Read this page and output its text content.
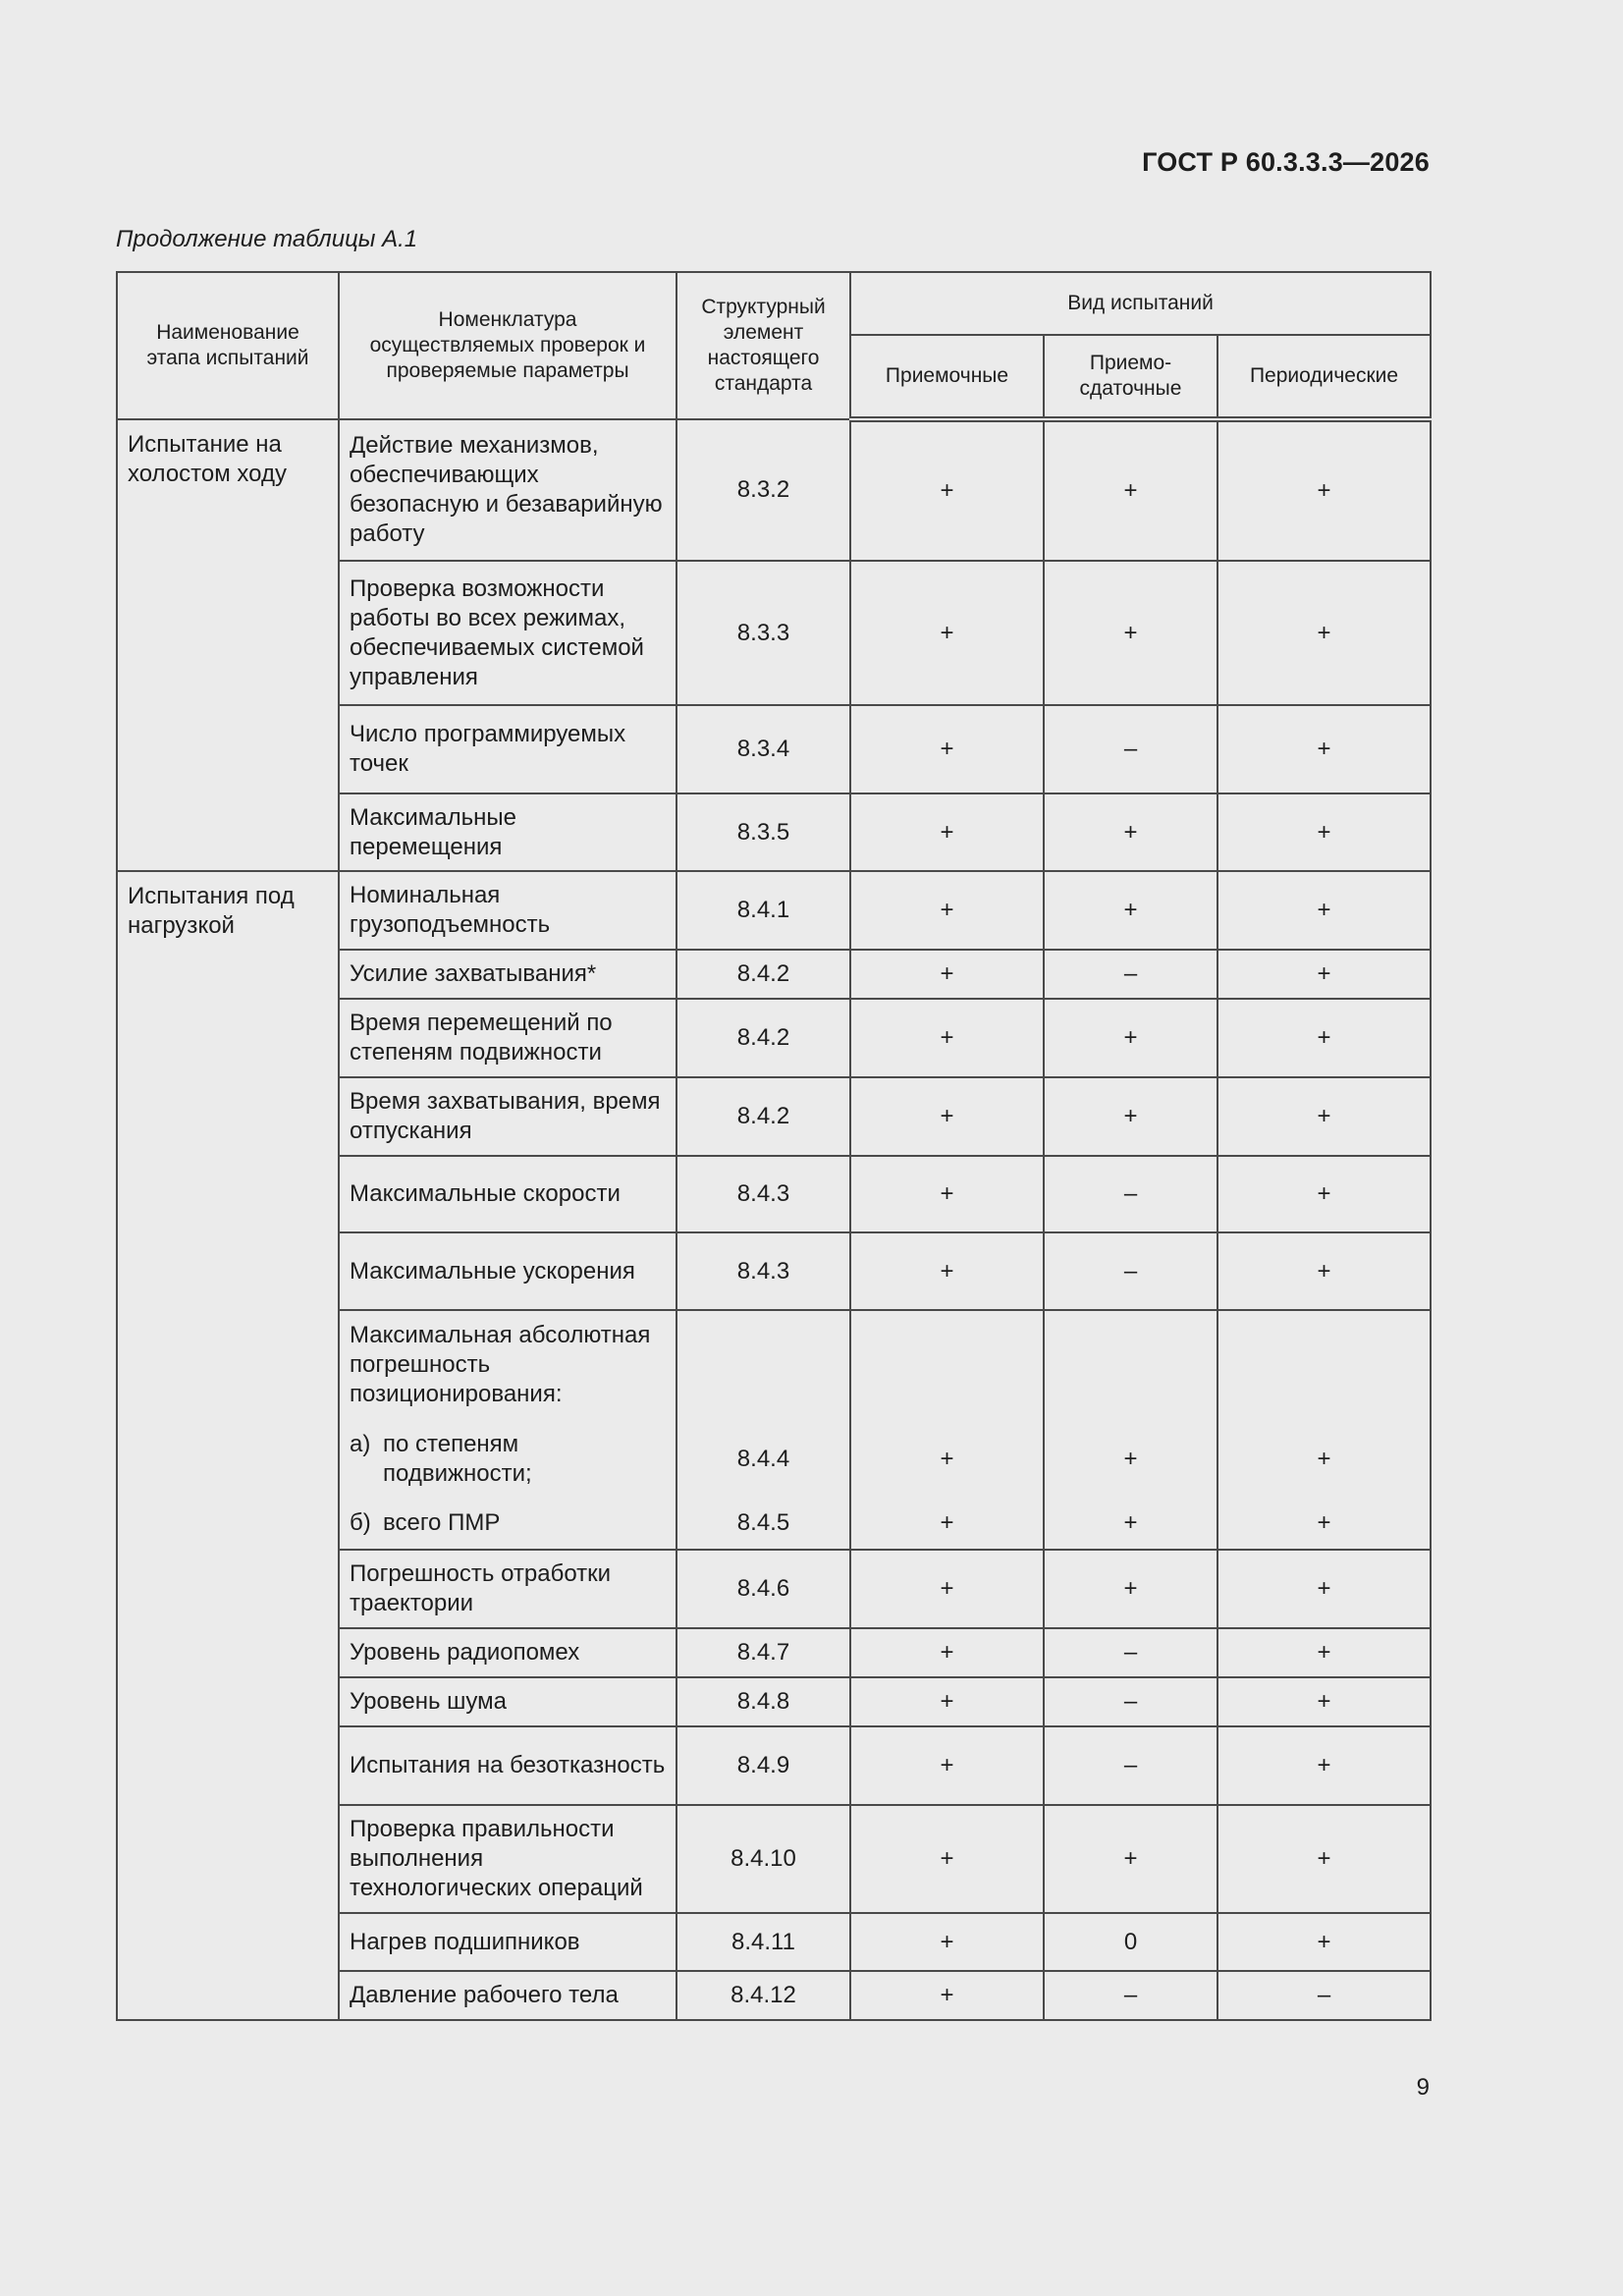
ГОСТ Р 60.3.3.3—2026
Продолжение таблицы А.1
Наименование этапа испытаний	Номенклатура осуществляемых проверок и проверяемые параметры	Структурный элемент настоящего стандарта	Вид испытаний		
			Приемочные	Приемо-сдаточные	Периодические
Испытание на холостом ходу	Действие механизмов, обеспечивающих безопасную и безаварийную работу	8.3.2	+	+	+
	Проверка возможности работы во всех режимах, обеспечиваемых системой управления	8.3.3	+	+	+
	Число программируемых точек	8.3.4	+	–	+
	Максимальные перемещения	8.3.5	+	+	+
Испытания под нагрузкой	Номинальная грузоподъемность	8.4.1	+	+	+
	Усилие захватывания*	8.4.2	+	–	+
	Время перемещений по степеням подвижности	8.4.2	+	+	+
	Время захватывания, время отпускания	8.4.2	+	+	+
	Максимальные скорости	8.4.3	+	–	+
	Максимальные ускорения	8.4.3	+	–	+
	Максимальная абсолютная погрешность позиционирования:				

	а) по степеням подвижности;	8.4.4	+	+	+

	б) всего ПМР	8.4.5	+	+	+
	Погрешность отработки траектории	8.4.6	+	+	+
	Уровень радиопомех	8.4.7	+	–	+
	Уровень шума	8.4.8	+	–	+
	Испытания на безотказность	8.4.9	+	–	+
	Проверка правильности выполнения технологических операций	8.4.10	+	+	+
	Нагрев подшипников	8.4.11	+	0	+
	Давление рабочего тела	8.4.12	+	–	–
9
